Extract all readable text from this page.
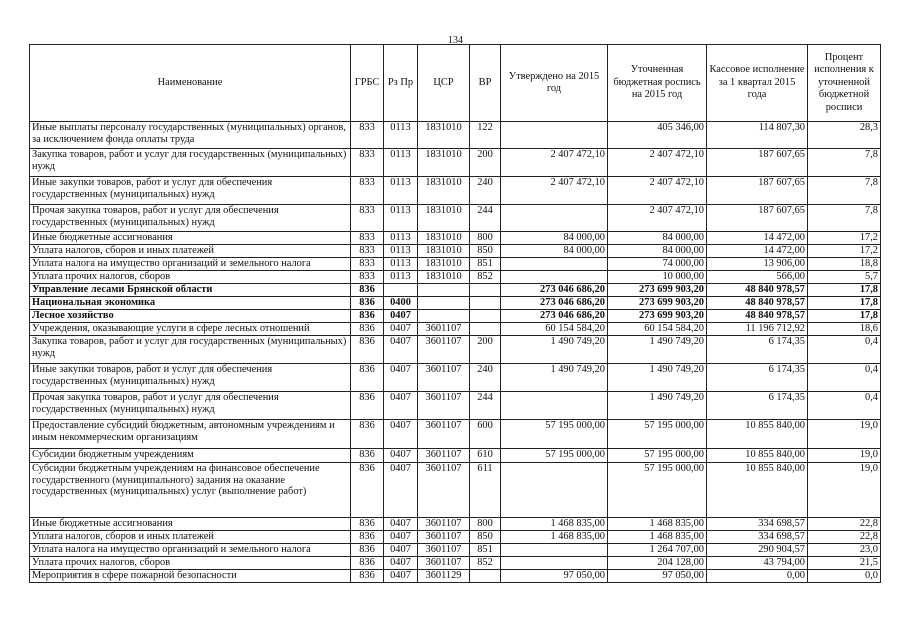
134
Наименование	ГРБС	Рз Пр	ЦСР	ВР	Утверждено на 2015 год	Уточненная бюджетная роспись на 2015 год	Кассовое исполнение за 1 квартал 2015 года	Процент исполнения к уточненной бюджетной росписи
Иные выплаты персоналу государственных (муниципальных) органов, за исключением фонда оплаты труда	833	0113	1831010	122		405 346,00	114 807,30	28,3
Закупка товаров, работ и услуг для государственных (муниципальных) нужд	833	0113	1831010	200	2 407 472,10	2 407 472,10	187 607,65	7,8
Иные закупки товаров, работ и услуг для обеспечения государственных (муниципальных) нужд	833	0113	1831010	240	2 407 472,10	2 407 472,10	187 607,65	7,8
Прочая закупка товаров, работ и услуг для обеспечения государственных (муниципальных) нужд	833	0113	1831010	244		2 407 472,10	187 607,65	7,8
Иные бюджетные ассигнования	833	0113	1831010	800	84 000,00	84 000,00	14 472,00	17,2
Уплата налогов, сборов и иных платежей	833	0113	1831010	850	84 000,00	84 000,00	14 472,00	17,2
Уплата налога на имущество организаций и земельного налога	833	0113	1831010	851		74 000,00	13 906,00	18,8
Уплата прочих налогов, сборов	833	0113	1831010	852		10 000,00	566,00	5,7
Управление лесами Брянской области	836				273 046 686,20	273 699 903,20	48 840 978,57	17,8
Национальная экономика	836	0400			273 046 686,20	273 699 903,20	48 840 978,57	17,8
Лесное хозяйство	836	0407			273 046 686,20	273 699 903,20	48 840 978,57	17,8
Учреждения, оказывающие услуги в сфере лесных отношений	836	0407	3601107		60 154 584,20	60 154 584,20	11 196 712,92	18,6
Закупка товаров, работ и услуг для государственных (муниципальных) нужд	836	0407	3601107	200	1 490 749,20	1 490 749,20	6 174,35	0,4
Иные закупки товаров, работ и услуг для обеспечения государственных (муниципальных) нужд	836	0407	3601107	240	1 490 749,20	1 490 749,20	6 174,35	0,4
Прочая закупка товаров, работ и услуг для обеспечения государственных (муниципальных) нужд	836	0407	3601107	244		1 490 749,20	6 174,35	0,4
Предоставление субсидий бюджетным, автономным учреждениям и иным некоммерческим организациям	836	0407	3601107	600	57 195 000,00	57 195 000,00	10 855 840,00	19,0
Субсидии бюджетным учреждениям	836	0407	3601107	610	57 195 000,00	57 195 000,00	10 855 840,00	19,0
Субсидии бюджетным учреждениям на финансовое обеспечение государственного (муниципального) задания на оказание государственных (муниципальных) услуг (выполнение работ)	836	0407	3601107	611		57 195 000,00	10 855 840,00	19,0
Иные бюджетные ассигнования	836	0407	3601107	800	1 468 835,00	1 468 835,00	334 698,57	22,8
Уплата налогов, сборов и иных платежей	836	0407	3601107	850	1 468 835,00	1 468 835,00	334 698,57	22,8
Уплата налога на имущество организаций и земельного налога	836	0407	3601107	851		1 264 707,00	290 904,57	23,0
Уплата прочих налогов, сборов	836	0407	3601107	852		204 128,00	43 794,00	21,5
Мероприятия в сфере пожарной безопасности	836	0407	3601129		97 050,00	97 050,00	0,00	0,0
